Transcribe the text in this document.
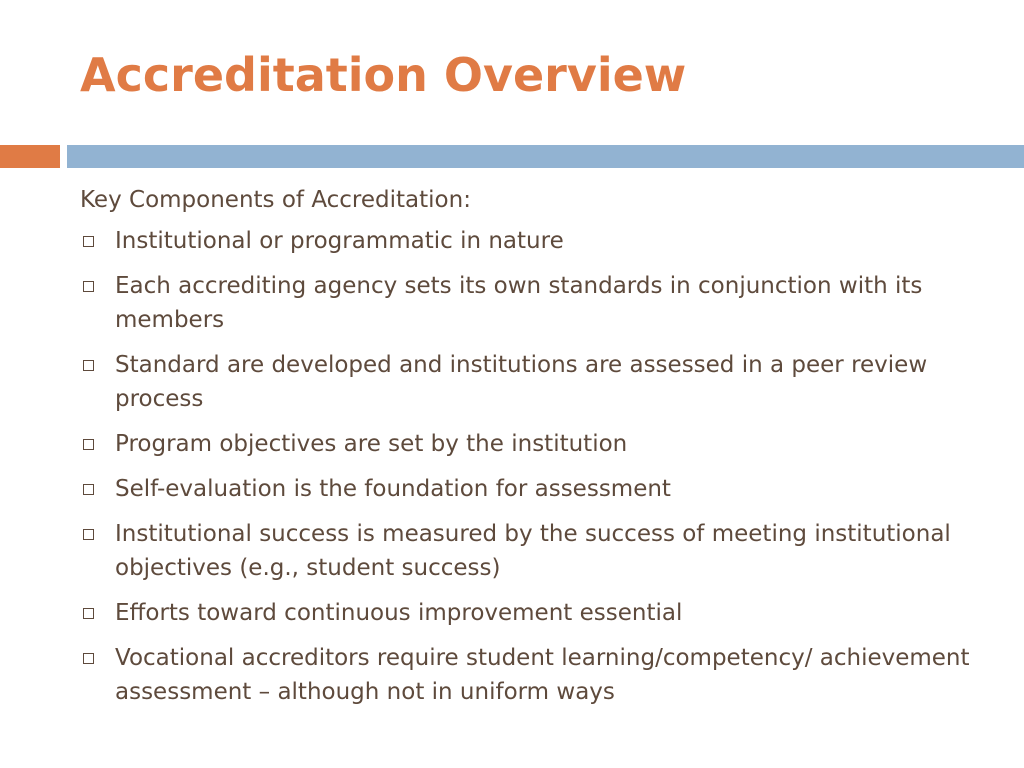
Accreditation Overview

Key Components of Accreditation:

Institutional or programmatic in nature
Each accrediting agency sets its own standards in conjunction with its members
Standard are developed and institutions are assessed in a peer review process
Program objectives are set by the institution
Self-evaluation is the foundation for assessment
Institutional success is measured by the success of meeting institutional objectives (e.g., student success)
Efforts toward continuous improvement essential
Vocational accreditors require student learning/competency/ achievement assessment – although not in uniform ways
